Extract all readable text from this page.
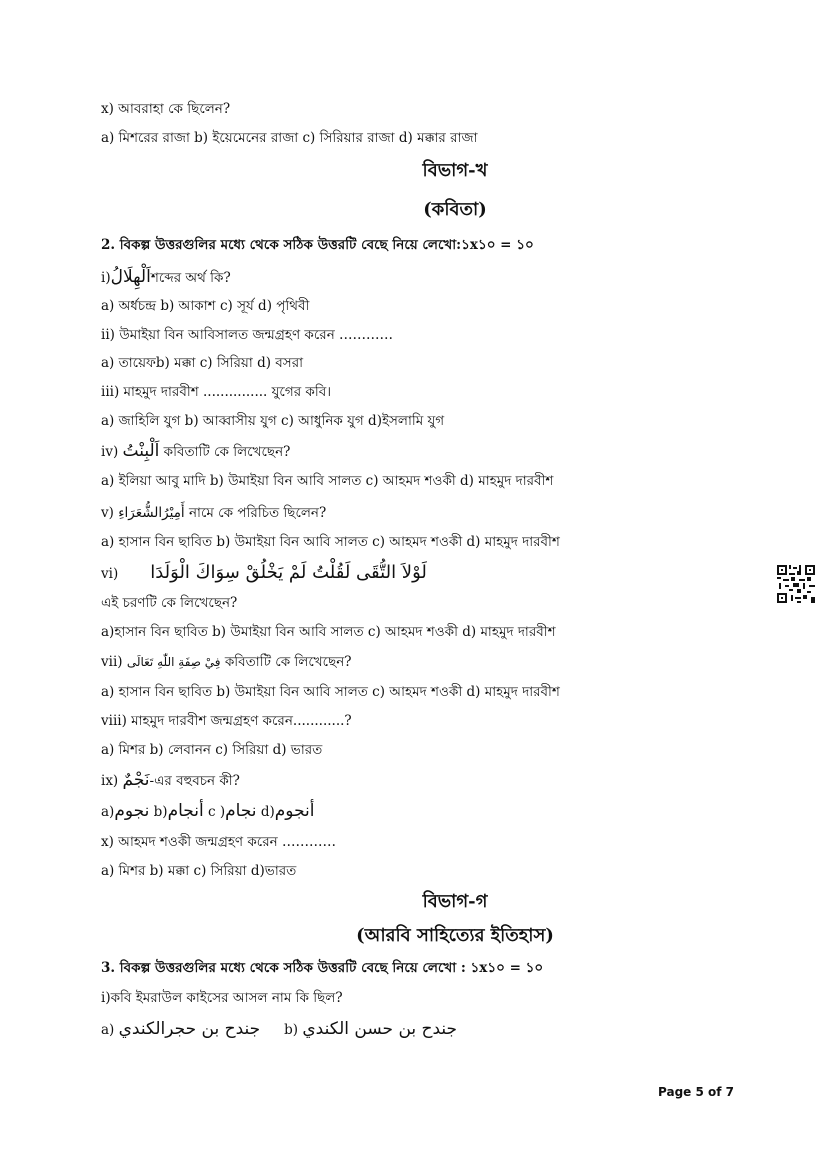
x) আবরাহা কে ছিলেন?
a) মিশরের রাজা b) ইয়েমেনের রাজা c) সিরিয়ার রাজা d) মক্কার রাজা
বিভাগ-খ
(কবিতা)
2. বিকল্প উত্তরগুলির মধ্যে থেকে সঠিক উত্তরটি বেছে নিয়ে লেখো:১x১০ = ১০
i)اَلْهِلَالُশব্দের অর্থ কি?
a) অর্ধচন্দ্র b) আকাশ c) সূর্য d) পৃথিবী
ii) উমাইয়া বিন আবিসালত জন্মগ্রহণ করেন …………
a) তায়েফb) মক্কা c) সিরিয়া d) বসরা
iii) মাহমুদ দারবীশ ............... যুগের কবি।
a) জাহিলি যুগ b) আব্বাসীয় যুগ c) আধুনিক যুগ d)ইসলামি যুগ
iv) اَلْبِنْتُ কবিতাটি কে লিখেছেন?
a) ইলিয়া আবু মাদি b) উমাইয়া বিন আবি সালত c) আহমদ শওকী d) মাহমুদ দারবীশ
v) أَمِيْرُالشُّعَرَاءِ নামে কে পরিচিত ছিলেন?
a) হাসান বিন ছাবিত b) উমাইয়া বিন আবি সালত c) আহমদ শওকী d) মাহমুদ দারবীশ
vi) لَوْلاَ التُّقَى لَقُلْتُ لَمْ يَخْلُقْ سِوَاكَ الْوَلَدَا
এই চরণটি কে লিখেছেন?
a)হাসান বিন ছাবিত b) উমাইয়া বিন আবি সালত c) আহমদ শওকী d) মাহমুদ দারবীশ
vii) فِيْ صِفَةِ اللّٰهِ تَعَالَى কবিতাটি কে লিখেছেন?
a) হাসান বিন ছাবিত b) উমাইয়া বিন আবি সালত c) আহমদ শওকী d) মাহমুদ দারবীশ
viii) মাহমুদ দারবীশ জন্মগ্রহণ করেন............?
a) মিশর b) লেবানন c) সিরিয়া d) ভারত
ix) نَجْمٌ-এর বহুবচন কী?
a)نجوم b)أنجام c )نجام d)أنجوم
x) আহমদ শওকী জন্মগ্রহণ করেন …………
a) মিশর b) মক্কা c) সিরিয়া d)ভারত
বিভাগ-গ
(আরবি সাহিত্যের ইতিহাস)
3. বিকল্প উত্তরগুলির মধ্যে থেকে সঠিক উত্তরটি বেছে নিয়ে লেখো : ১x১০ = ১০
i)কবি ইমরাউল কাইসের আসল নাম কি ছিল?
a) جندح بن حجرالكندي b) جندح بن حسن الكندي
Page 5 of 7
